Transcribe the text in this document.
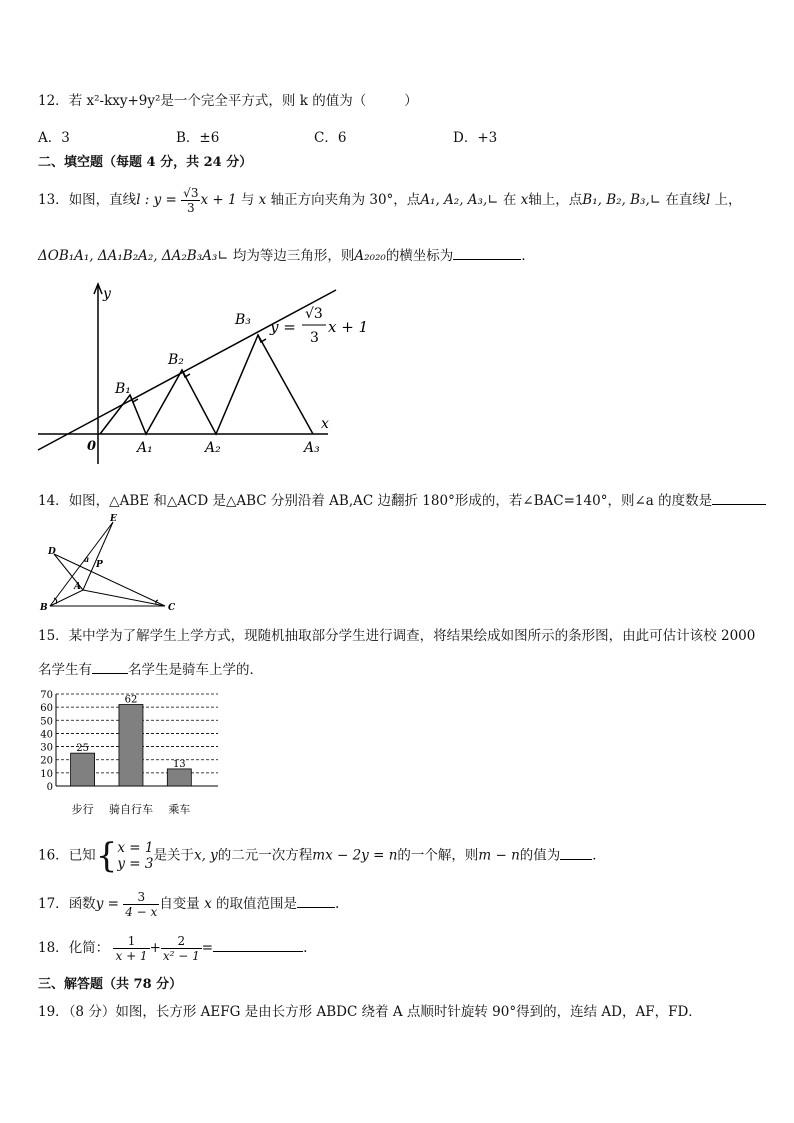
12．若 x²-kxy+9y²是一个完全平方式，则 k 的值为（	）
A．3	B．±6	C．6	D．+3
二、填空题（每题 4 分，共 24 分）
13．如图，直线l : $y = \frac{√3}{3}$ x + 1 与 x 轴正方向夹角为 30°，点A₁, A₂, A₃,∟ 在 x轴上，点B₁, B₂, B₃,∟ 在直线l 上，
ΔOB₁A₁, ΔA₁B₂A₂, ΔA₂B₃A₃∟ 均为等边三角形，则A₂₀₂₀的横坐标为	．
y
x
0
B₁
B₂
B₃
A₁	A₂	A₃
y =
√3
3
x + 1
14．如图，△ABE 和△ACD 是△ABC 分别沿着 AB,AC 边翻折 180°形成的，若∠BAC=140°，则∠a 的度数是
E
D
a
P
A
B	C
15．某中学为了解学生上学方式，现随机抽取部分学生进行调查，将结果绘成如图所示的条形图，由此可估计该校 2000
名学生有	名学生是骑车上学的．
0
10
20
30
40
50
60
70
25
步行
62
骑自行车
13
乘车
16．已知{ x = 1
y = 3
是关于x, y的二元一次方程mx − 2y = n的一个解，则m − n的值为 ．
17．函数$y = \frac{3}{4 - x}$ 自变量 x 的取值范围是	.
18．化简： $\frac{1}{x + 1} + \frac{2}{\text{x² − 1}}$ =	.
三、解答题（共 78 分）
19．（8 分）如图，长方形 AEFG 是由长方形 ABDC 绕着 A 点顺时针旋转 90°得到的，连结 AD，AF，FD．
